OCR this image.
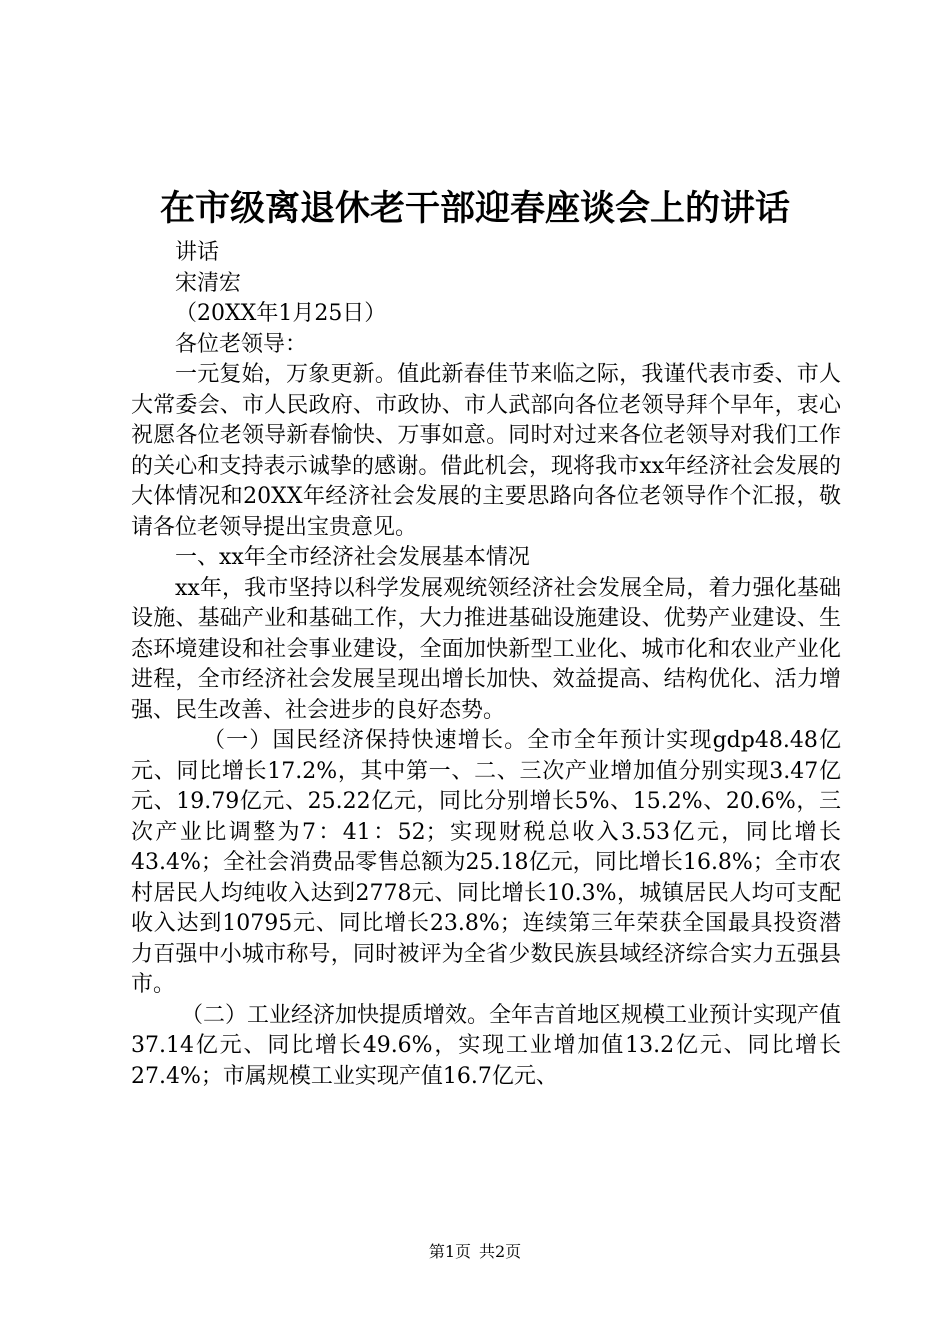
在市级离退休老干部迎春座谈会上的讲话

讲话

宋清宏

（20XX年1月25日）

各位老领导：

一元复始，万象更新。值此新春佳节来临之际，我谨代表市委、市人大常委会、市人民政府、市政协、市人武部向各位老领导拜个早年，衷心祝愿各位老领导新春愉快、万事如意。同时对过来各位老领导对我们工作的关心和支持表示诚挚的感谢。借此机会，现将我市xx年经济社会发展的大体情况和20XX年经济社会发展的主要思路向各位老领导作个汇报，敬请各位老领导提出宝贵意见。

一、xx年全市经济社会发展基本情况

xx年，我市坚持以科学发展观统领经济社会发展全局，着力强化基础设施、基础产业和基础工作，大力推进基础设施建设、优势产业建设、生态环境建设和社会事业建设，全面加快新型工业化、城市化和农业产业化进程，全市经济社会发展呈现出增长加快、效益提高、结构优化、活力增强、民生改善、社会进步的良好态势。

（一）国民经济保持快速增长。全市全年预计实现gdp48.48亿元、同比增长17.2%，其中第一、二、三次产业增加值分别实现3.47亿元、19.79亿元、25.22亿元，同比分别增长5%、15.2%、20.6%，三次产业比调整为7：41：52；实现财税总收入3.53亿元，同比增长43.4%；全社会消费品零售总额为25.18亿元，同比增长16.8%；全市农村居民人均纯收入达到2778元、同比增长10.3%，城镇居民人均可支配收入达到10795元、同比增长23.8%；连续第三年荣获全国最具投资潜力百强中小城市称号，同时被评为全省少数民族县域经济综合实力五强县市。

（二）工业经济加快提质增效。全年吉首地区规模工业预计实现产值37.14亿元、同比增长49.6%，实现工业增加值13.2亿元、同比增长27.4%；市属规模工业实现产值16.7亿元、

第1页 共2页
